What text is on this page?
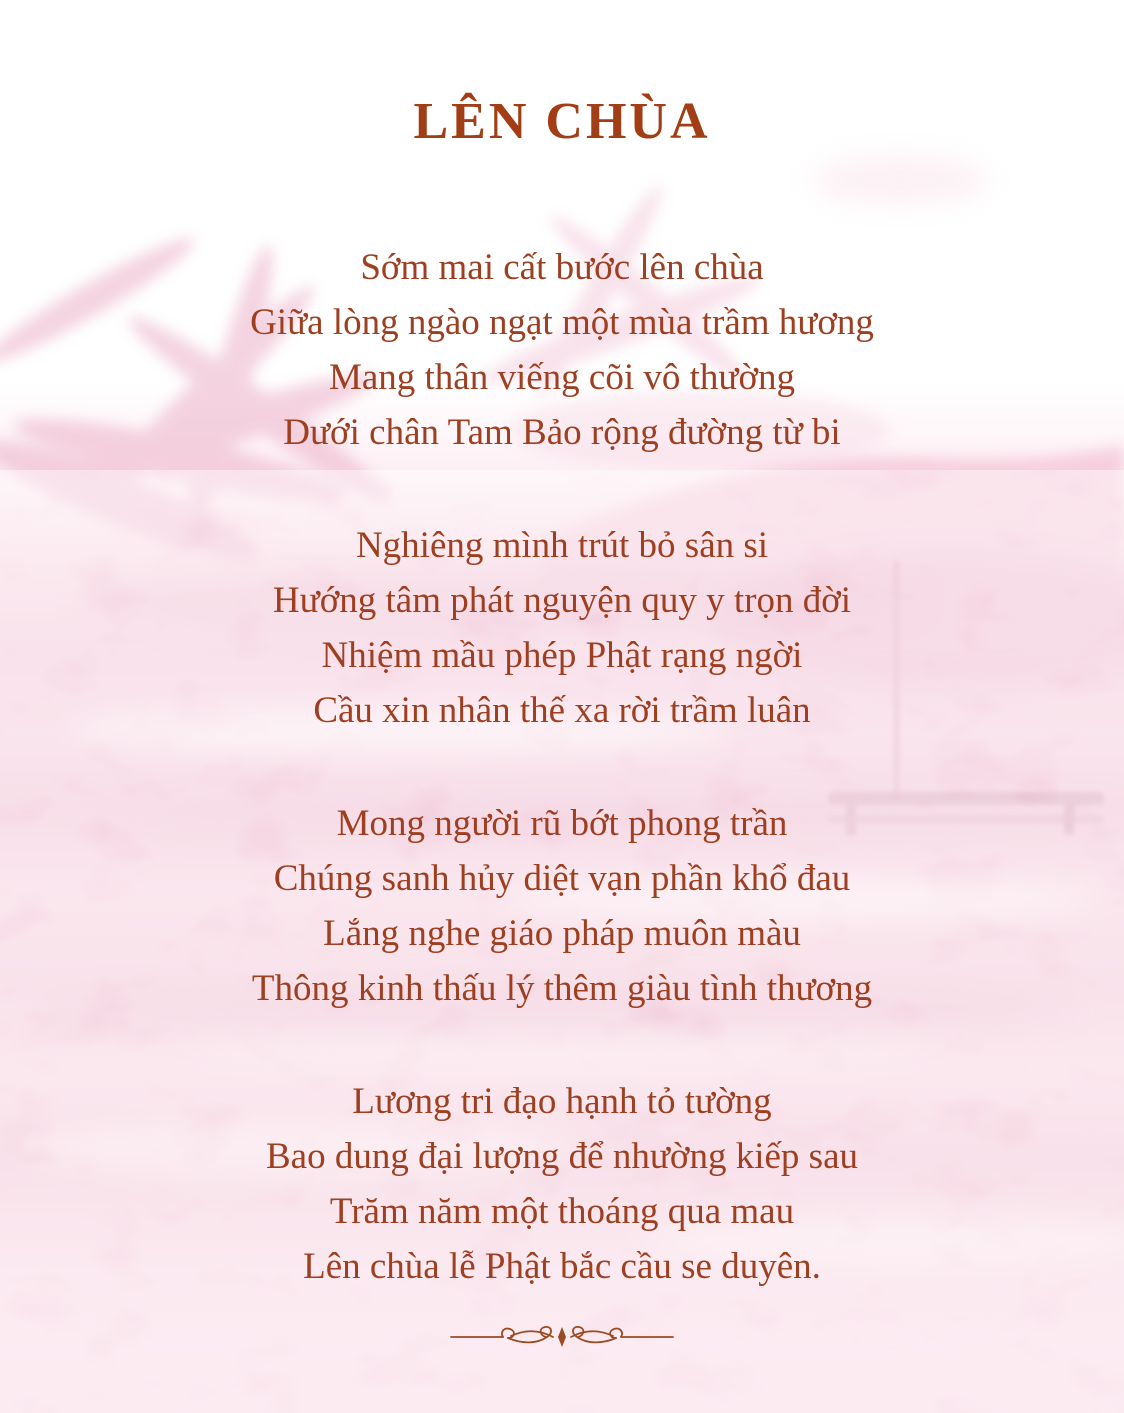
LÊN CHÙA
Sớm mai cất bước lên chùa
Giữa lòng ngào ngạt một mùa trầm hương
Mang thân viếng cõi vô thường
Dưới chân Tam Bảo rộng đường từ bi
Nghiêng mình trút bỏ sân si
Hướng tâm phát nguyện quy y trọn đời
Nhiệm mầu phép Phật rạng ngời
Cầu xin nhân thế xa rời trầm luân
Mong người rũ bớt phong trần
Chúng sanh hủy diệt vạn phần khổ đau
Lắng nghe giáo pháp muôn màu
Thông kinh thấu lý thêm giàu tình thương
Lương tri đạo hạnh tỏ tường
Bao dung đại lượng để nhường kiếp sau
Trăm năm một thoáng qua mau
Lên chùa lễ Phật bắc cầu se duyên.
